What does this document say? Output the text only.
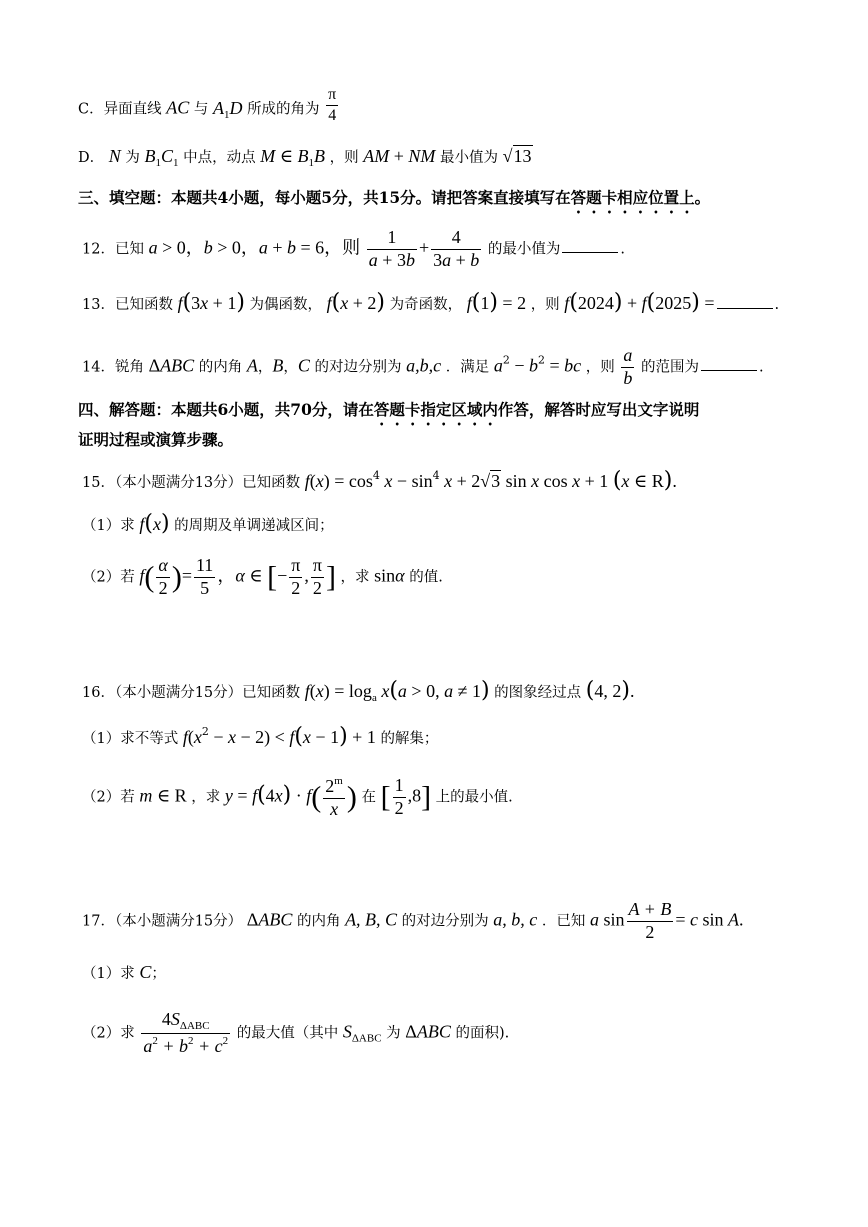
C．异面直线 AC 与 $A_1D$ 所成的角为 $\frac{\pi}{4}$
D． N 为 $B_1C_1$ 中点，动点 M ∈ $B_1B$ ，则 AM + NM 最小值为 √13
三、填空题：本题共4小题，每小题5分，共15分。请把答案直接填写在答题卡相应位置上。
12．已知 a > 0，b > 0，a + b = 6，则 $\frac{1}{a + 3b} + \frac{4}{3a + b}$ 的最小值为	.
13．已知函数 f(3x + 1) 为偶函数， f(x + 2) 为奇函数， f(1) = 2 ，则 f(2024) + f(2025) =	.
14．锐角 ΔABC 的内角 A，B，C 的对边分别为 a,b,c ．满足 $a^2 - b^2$ = bc ，则 $\frac{a}{b}$ 的范围为	.
四、解答题：本题共6小题，共70分，请在答题卡指定区域内作答，解答时应写出文字说明
证明过程或演算步骤。
15．（本小题满分13分）已知函数 $f(x) = \cos^4 x - \sin^4 x + 2√3$ sin x cos x + 1 (x ∈ R).
（1）求 f(x) 的周期及单调递减区间；
（2）若 $f( \frac{\alpha}{2}$ )= $\frac{11}{5}$ ，α ∈ [− $\frac{\pi}{2}$ , $\frac{\pi}{2}$ ] ，求 sinα 的值.
16．（本小题满分15分）已知函数 $f(x) = \log_a x(a > 0$, a ≠ 1) 的图象经过点 (4, 2).
（1）求不等式 $f(x^2 - x - 2) < f(x - 1) + 1$ 的解集；
（2）若 m ∈ R ，求 $y = f(4x) \cdot f( \frac{2^m}{x}$ ) 在 [ $\frac{1}{2} ,8$] 上的最小值.
17．（本小题满分15分） ΔABC 的内角 A, B, C 的对边分别为 a, b, c ．已知 a $\sin \frac{A + B}{2} = c$ sin A.
（1）求 C；
（2）求 $\frac{4S_{\Delta ABC}}{a^2 + b^2 + c^2}$ 的最大值（其中 $S_{\Delta ABC}$ 为 ΔABC 的面积).
